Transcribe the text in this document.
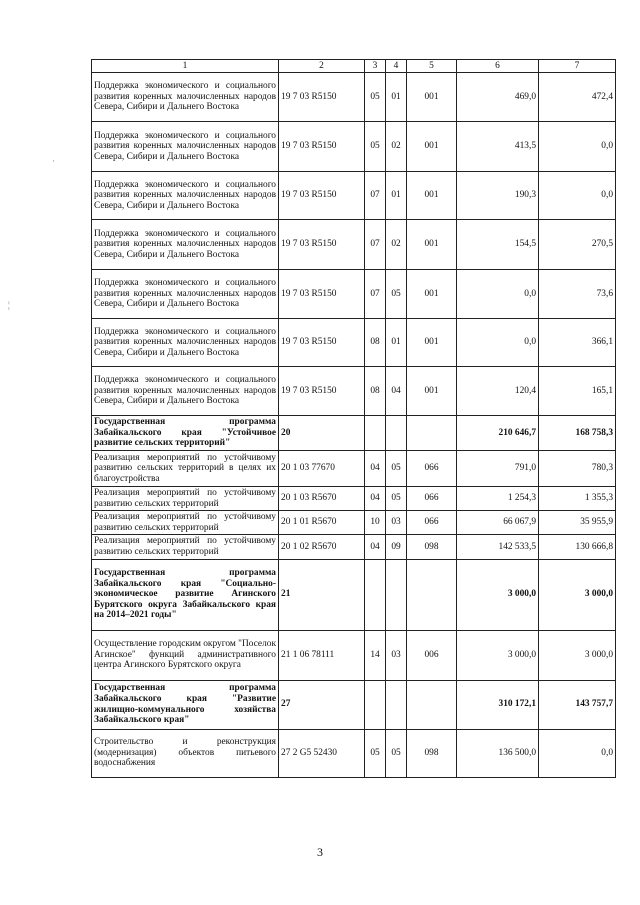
·
¦
1	2	3	4	5	6	7
Поддержка экономического и социального развития коренных малочисленных народов Севера, Сибири и Дальнего Востока	19 7 03 R5150	05	01	001	469,0	472,4
Поддержка экономического и социального развития коренных малочисленных народов Севера, Сибири и Дальнего Востока	19 7 03 R5150	05	02	001	413,5	0,0
Поддержка экономического и социального развития коренных малочисленных народов Севера, Сибири и Дальнего Востока	19 7 03 R5150	07	01	001	190,3	0,0
Поддержка экономического и социального развития коренных малочисленных народов Севера, Сибири и Дальнего Востока	19 7 03 R5150	07	02	001	154,5	270,5
Поддержка экономического и социального развития коренных малочисленных народов Севера, Сибири и Дальнего Востока	19 7 03 R5150	07	05	001	0,0	73,6
Поддержка экономического и социального развития коренных малочисленных народов Севера, Сибири и Дальнего Востока	19 7 03 R5150	08	01	001	0,0	366,1
Поддержка экономического и социального развития коренных малочисленных народов Севера, Сибири и Дальнего Востока	19 7 03 R5150	08	04	001	120,4	165,1
Государственная программа Забайкальского края "Устойчивое развитие сельских территорий"	20				210 646,7	168 758,3
Реализация мероприятий по устойчивому развитию сельских территорий в целях их благоустройства	20 1 03 77670	04	05	066	791,0	780,3
Реализация мероприятий по устойчивому развитию сельских территорий	20 1 03 R5670	04	05	066	1 254,3	1 355,3
Реализация мероприятий по устойчивому развитию сельских территорий	20 1 01 R5670	10	03	066	66 067,9	35 955,9
Реализация мероприятий по устойчивому развитию сельских территорий	20 1 02 R5670	04	09	098	142 533,5	130 666,8
Государственная программа Забайкальского края "Социально-экономическое развитие Агинского Бурятского округа Забайкальского края на 2014–2021 годы"	21				3 000,0	3 000,0
Осуществление городским округом "Поселок Агинское" функций административного центра Агинского Бурятского округа	21 1 06 78111	14	03	006	3 000,0	3 000,0
Государственная программа Забайкальского края "Развитие жилищно-коммунального хозяйства Забайкальского края"	27				310 172,1	143 757,7
Строительство и реконструкция (модернизация) объектов питьевого водоснабжения	27 2 G5 52430	05	05	098	136 500,0	0,0
3
